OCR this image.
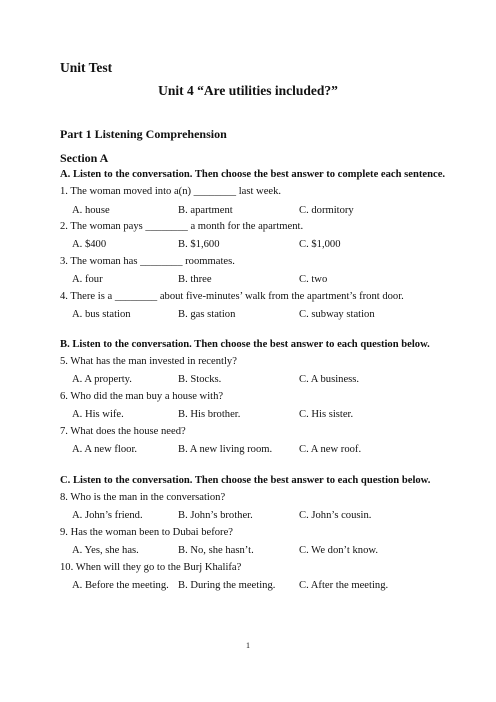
Unit Test
Unit 4 “Are utilities included?”
Part 1 Listening Comprehension
Section A
A. Listen to the conversation. Then choose the best answer to complete each sentence.
1. The woman moved into a(n) ________ last week.
A. house	B. apartment	C. dormitory
2. The woman pays ________ a month for the apartment.
A. $400	B. $1,600	C. $1,000
3. The woman has ________ roommates.
A. four	B. three	C. two
4. There is a ________ about five-minutes’ walk from the apartment’s front door.
A. bus station	B. gas station	C. subway station
B. Listen to the conversation. Then choose the best answer to each question below.
5. What has the man invested in recently?
A. A property.	B. Stocks.	C. A business.
6. Who did the man buy a house with?
A. His wife.	B. His brother.	C. His sister.
7. What does the house need?
A. A new floor.	B. A new living room.	C. A new roof.
C. Listen to the conversation. Then choose the best answer to each question below.
8. Who is the man in the conversation?
A. John’s friend.	B. John’s brother.	C. John’s cousin.
9. Has the woman been to Dubai before?
A. Yes, she has.	B. No, she hasn’t.	C. We don’t know.
10. When will they go to the Burj Khalifa?
A. Before the meeting. B. During the meeting. C. After the meeting.
1
